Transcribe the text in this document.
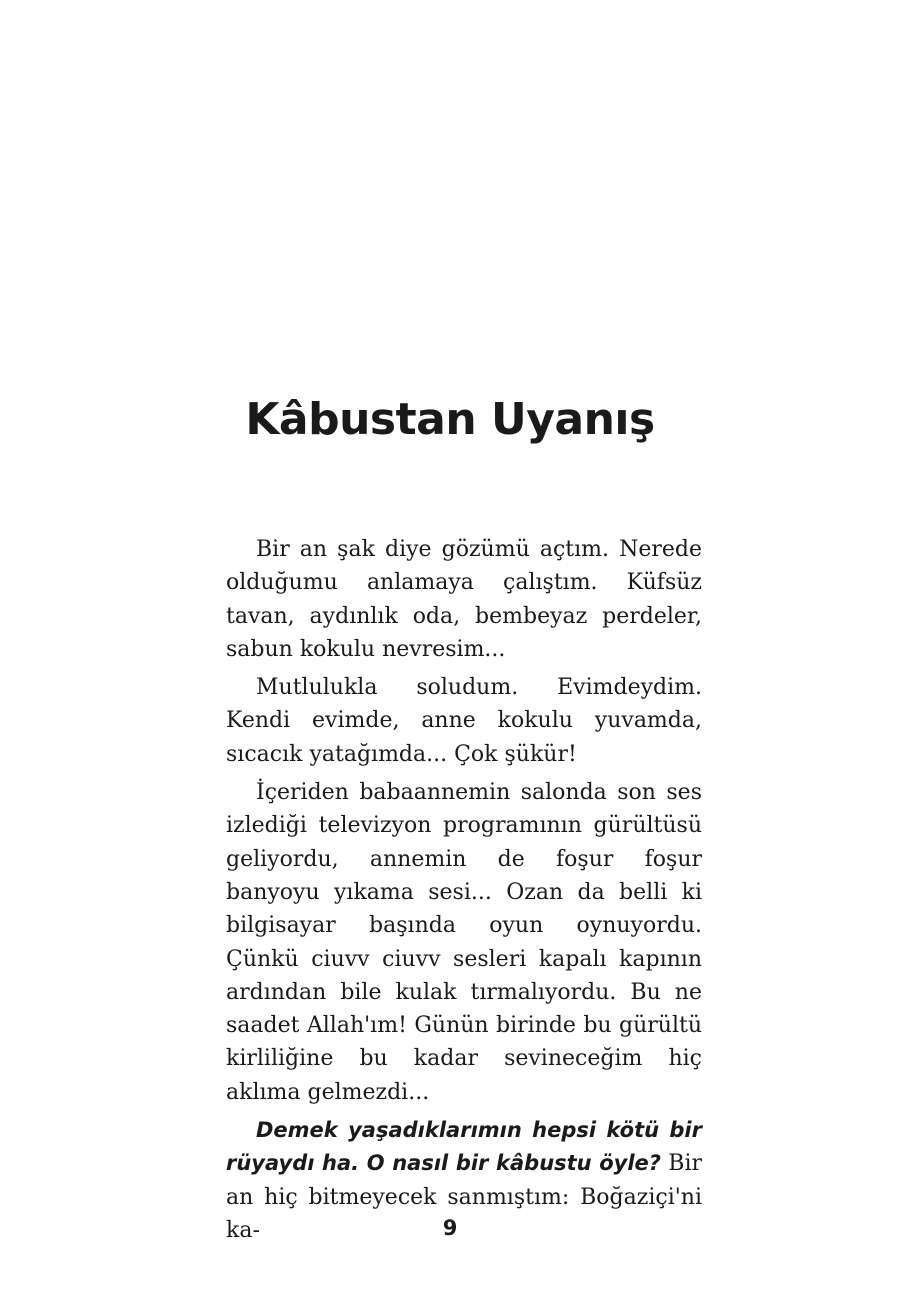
Kâbustan Uyanış

Bir an şak diye gözümü açtım. Nerede olduğumu anlamaya çalıştım. Küfsüz tavan, aydınlık oda, bembeyaz perdeler, sabun kokulu nevresim...

Mutlulukla soludum. Evimdeydim. Kendi evimde, anne kokulu yuvamda, sıcacık yatağımda... Çok şükür!

İçeriden babaannemin salonda son ses izlediği televizyon programının gürültüsü geliyordu, annemin de foşur foşur banyoyu yıkama sesi... Ozan da belli ki bilgisayar başında oyun oynuyordu. Çünkü ciuvv ciuvv sesleri kapalı kapının ardından bile kulak tırmalıyordu. Bu ne saadet Allah'ım! Günün birinde bu gürültü kirliliğine bu kadar sevineceğim hiç aklıma gelmezdi...

Demek yaşadıklarımın hepsi kötü bir rüyaydı ha. O nasıl bir kâbustu öyle? Bir an hiç bitmeyecek sanmıştım: Boğaziçi'ni ka-	9
